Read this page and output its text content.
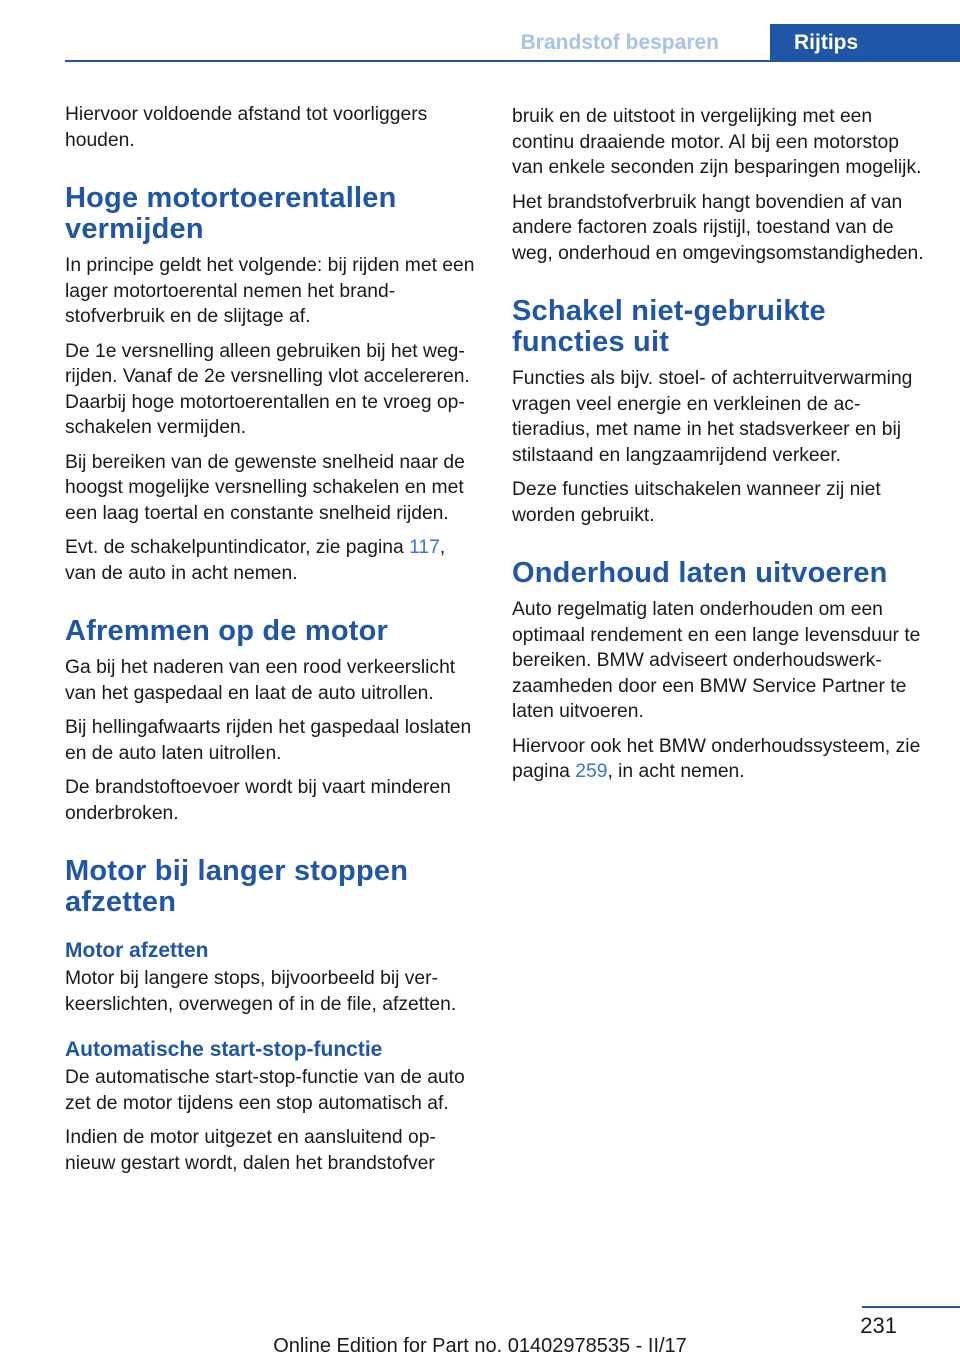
Brandstof besparen	Rijtips

Hiervoor voldoende afstand tot voorliggers houden.

Hoge motortoerentallen vermijden

In principe geldt het volgende: bij rijden met een lager motortoerental nemen het brandstofverbruik en de slijtage af.

De 1e versnelling alleen gebruiken bij het wegrijden. Vanaf de 2e versnelling vlot accelereren. Daarbij hoge motortoerentallen en te vroeg opschakelen vermijden.

Bij bereiken van de gewenste snelheid naar de hoogst mogelijke versnelling schakelen en met een laag toertal en constante snelheid rijden.

Evt. de schakelpuntindicator, zie pagina 117, van de auto in acht nemen.

Afremmen op de motor

Ga bij het naderen van een rood verkeerslicht van het gaspedaal en laat de auto uitrollen.

Bij hellingafwaarts rijden het gaspedaal loslaten en de auto laten uitrollen.

De brandstoftoevoer wordt bij vaart minderen onderbroken.

Motor bij langer stoppen afzetten
Motor afzetten

Motor bij langere stops, bijvoorbeeld bij verkeerslichten, overwegen of in de file, afzetten.

Automatische start-stop-functie

De automatische start-stop-functie van de auto zet de motor tijdens een stop automatisch af.

Indien de motor uitgezet en aansluitend opnieuw gestart wordt, dalen het brandstofver

bruik en de uitstoot in vergelijking met een continu draaiende motor. Al bij een motorstop van enkele seconden zijn besparingen mogelijk.

Het brandstofverbruik hangt bovendien af van andere factoren zoals rijstijl, toestand van de weg, onderhoud en omgevingsomstandigheden.

Schakel niet-gebruikte functies uit

Functies als bijv. stoel- of achterruitverwarming vragen veel energie en verkleinen de actieradius, met name in het stadsverkeer en bij stilstaand en langzaamrijdend verkeer.

Deze functies uitschakelen wanneer zij niet worden gebruikt.

Onderhoud laten uitvoeren

Auto regelmatig laten onderhouden om een optimaal rendement en een lange levensduur te bereiken. BMW adviseert onderhoudswerkzaamheden door een BMW Service Partner te laten uitvoeren.

Hiervoor ook het BMW onderhoudssysteem, zie pagina 259, in acht nemen.

231
Online Edition for Part no. 01402978535 - II/17
